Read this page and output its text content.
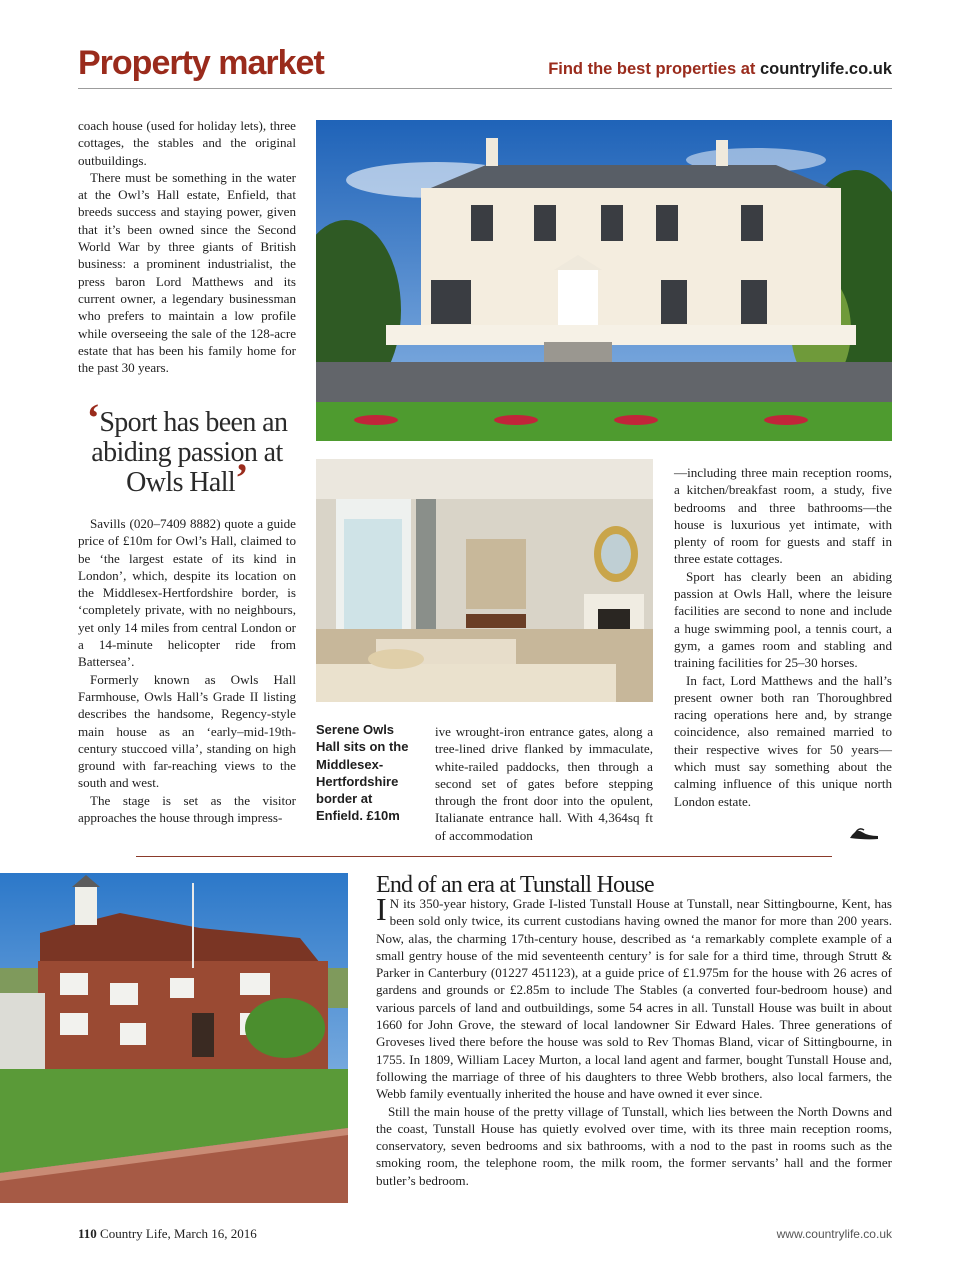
Property market	Find the best properties at countrylife.co.uk

coach house (used for holiday lets), three cottages, the stables and the original outbuildings.

There must be something in the water at the Owl’s Hall estate, Enfield, that breeds success and staying power, given that it’s been owned since the Second World War by three giants of British business: a prominent industrialist, the press baron Lord Matthews and its current owner, a legendary businessman who prefers to maintain a low profile while overseeing the sale of the 128-acre estate that has been his family home for the past 30 years.

‘Sport has been an abiding passion at Owls Hall’

Savills (020–7409 8882) quote a guide price of £10m for Owl’s Hall, claimed to be ‘the largest estate of its kind in London’, which, despite its location on the Middlesex-Hertfordshire border, is ‘completely private, with no neighbours, yet only 14 miles from central London or a 14-minute helicopter ride from Battersea’.

Formerly known as Owls Hall Farmhouse, Owls Hall’s Grade II listing describes the handsome, Regency-style main house as an ‘early–mid-19th-century stuccoed villa’, standing on high ground with far-reaching views to the south and west.

The stage is set as the visitor approaches the house through impress-

Serene Owls Hall sits on the Middlesex-Hertfordshire border at Enfield. £10m

ive wrought-iron entrance gates, along a tree-lined drive flanked by immaculate, white-railed paddocks, then through a second set of gates before stepping through the front door into the opulent, Italianate entrance hall. With 4,364sq ft of accommodation

—including three main reception rooms, a kitchen/breakfast room, a study, five bedrooms and three bathrooms—the house is luxurious yet intimate, with plenty of room for guests and staff in three estate cottages.

Sport has clearly been an abiding passion at Owls Hall, where the leisure facilities are second to none and include a huge swimming pool, a tennis court, a gym, a games room and stabling and training facilities for 25–30 horses.

In fact, Lord Matthews and the hall’s present owner both ran Thoroughbred racing operations here and, by strange coincidence, also remained married to their respective wives for 50 years—which must say something about the calming influence of this unique north London estate.

End of an era at Tunstall House

I N its 350-year history, Grade I-listed Tunstall House at Tunstall, near Sittingbourne, Kent, has been sold only twice, its current custodians having owned the manor for more than 200 years. Now, alas, the charming 17th-century house, described as ‘a remarkably complete example of a small gentry house of the mid seventeenth century’ is for sale for a third time, through Strutt & Parker in Canterbury (01227 451123), at a guide price of £1.975m for the house with 26 acres of gardens and grounds or £2.85m to include The Stables (a converted four-bedroom house) and various parcels of land and outbuildings, some 54 acres in all. Tunstall House was built in about 1660 for John Grove, the steward of local landowner Sir Edward Hales. Three generations of Groveses lived there before the house was sold to Rev Thomas Bland, vicar of Sittingbourne, in 1755. In 1809, William Lacey Murton, a local land agent and farmer, bought Tunstall House and, following the marriage of three of his daughters to three Webb brothers, also local farmers, the Webb family eventually inherited the house and have owned it ever since.

Still the main house of the pretty village of Tunstall, which lies between the North Downs and the coast, Tunstall House has quietly evolved over time, with its three main reception rooms, conservatory, seven bedrooms and six bathrooms, with a nod to the past in rooms such as the smoking room, the telephone room, the milk room, the former servants’ hall and the former butler’s bedroom.

110 Country Life, March 16, 2016	www.countrylife.co.uk
